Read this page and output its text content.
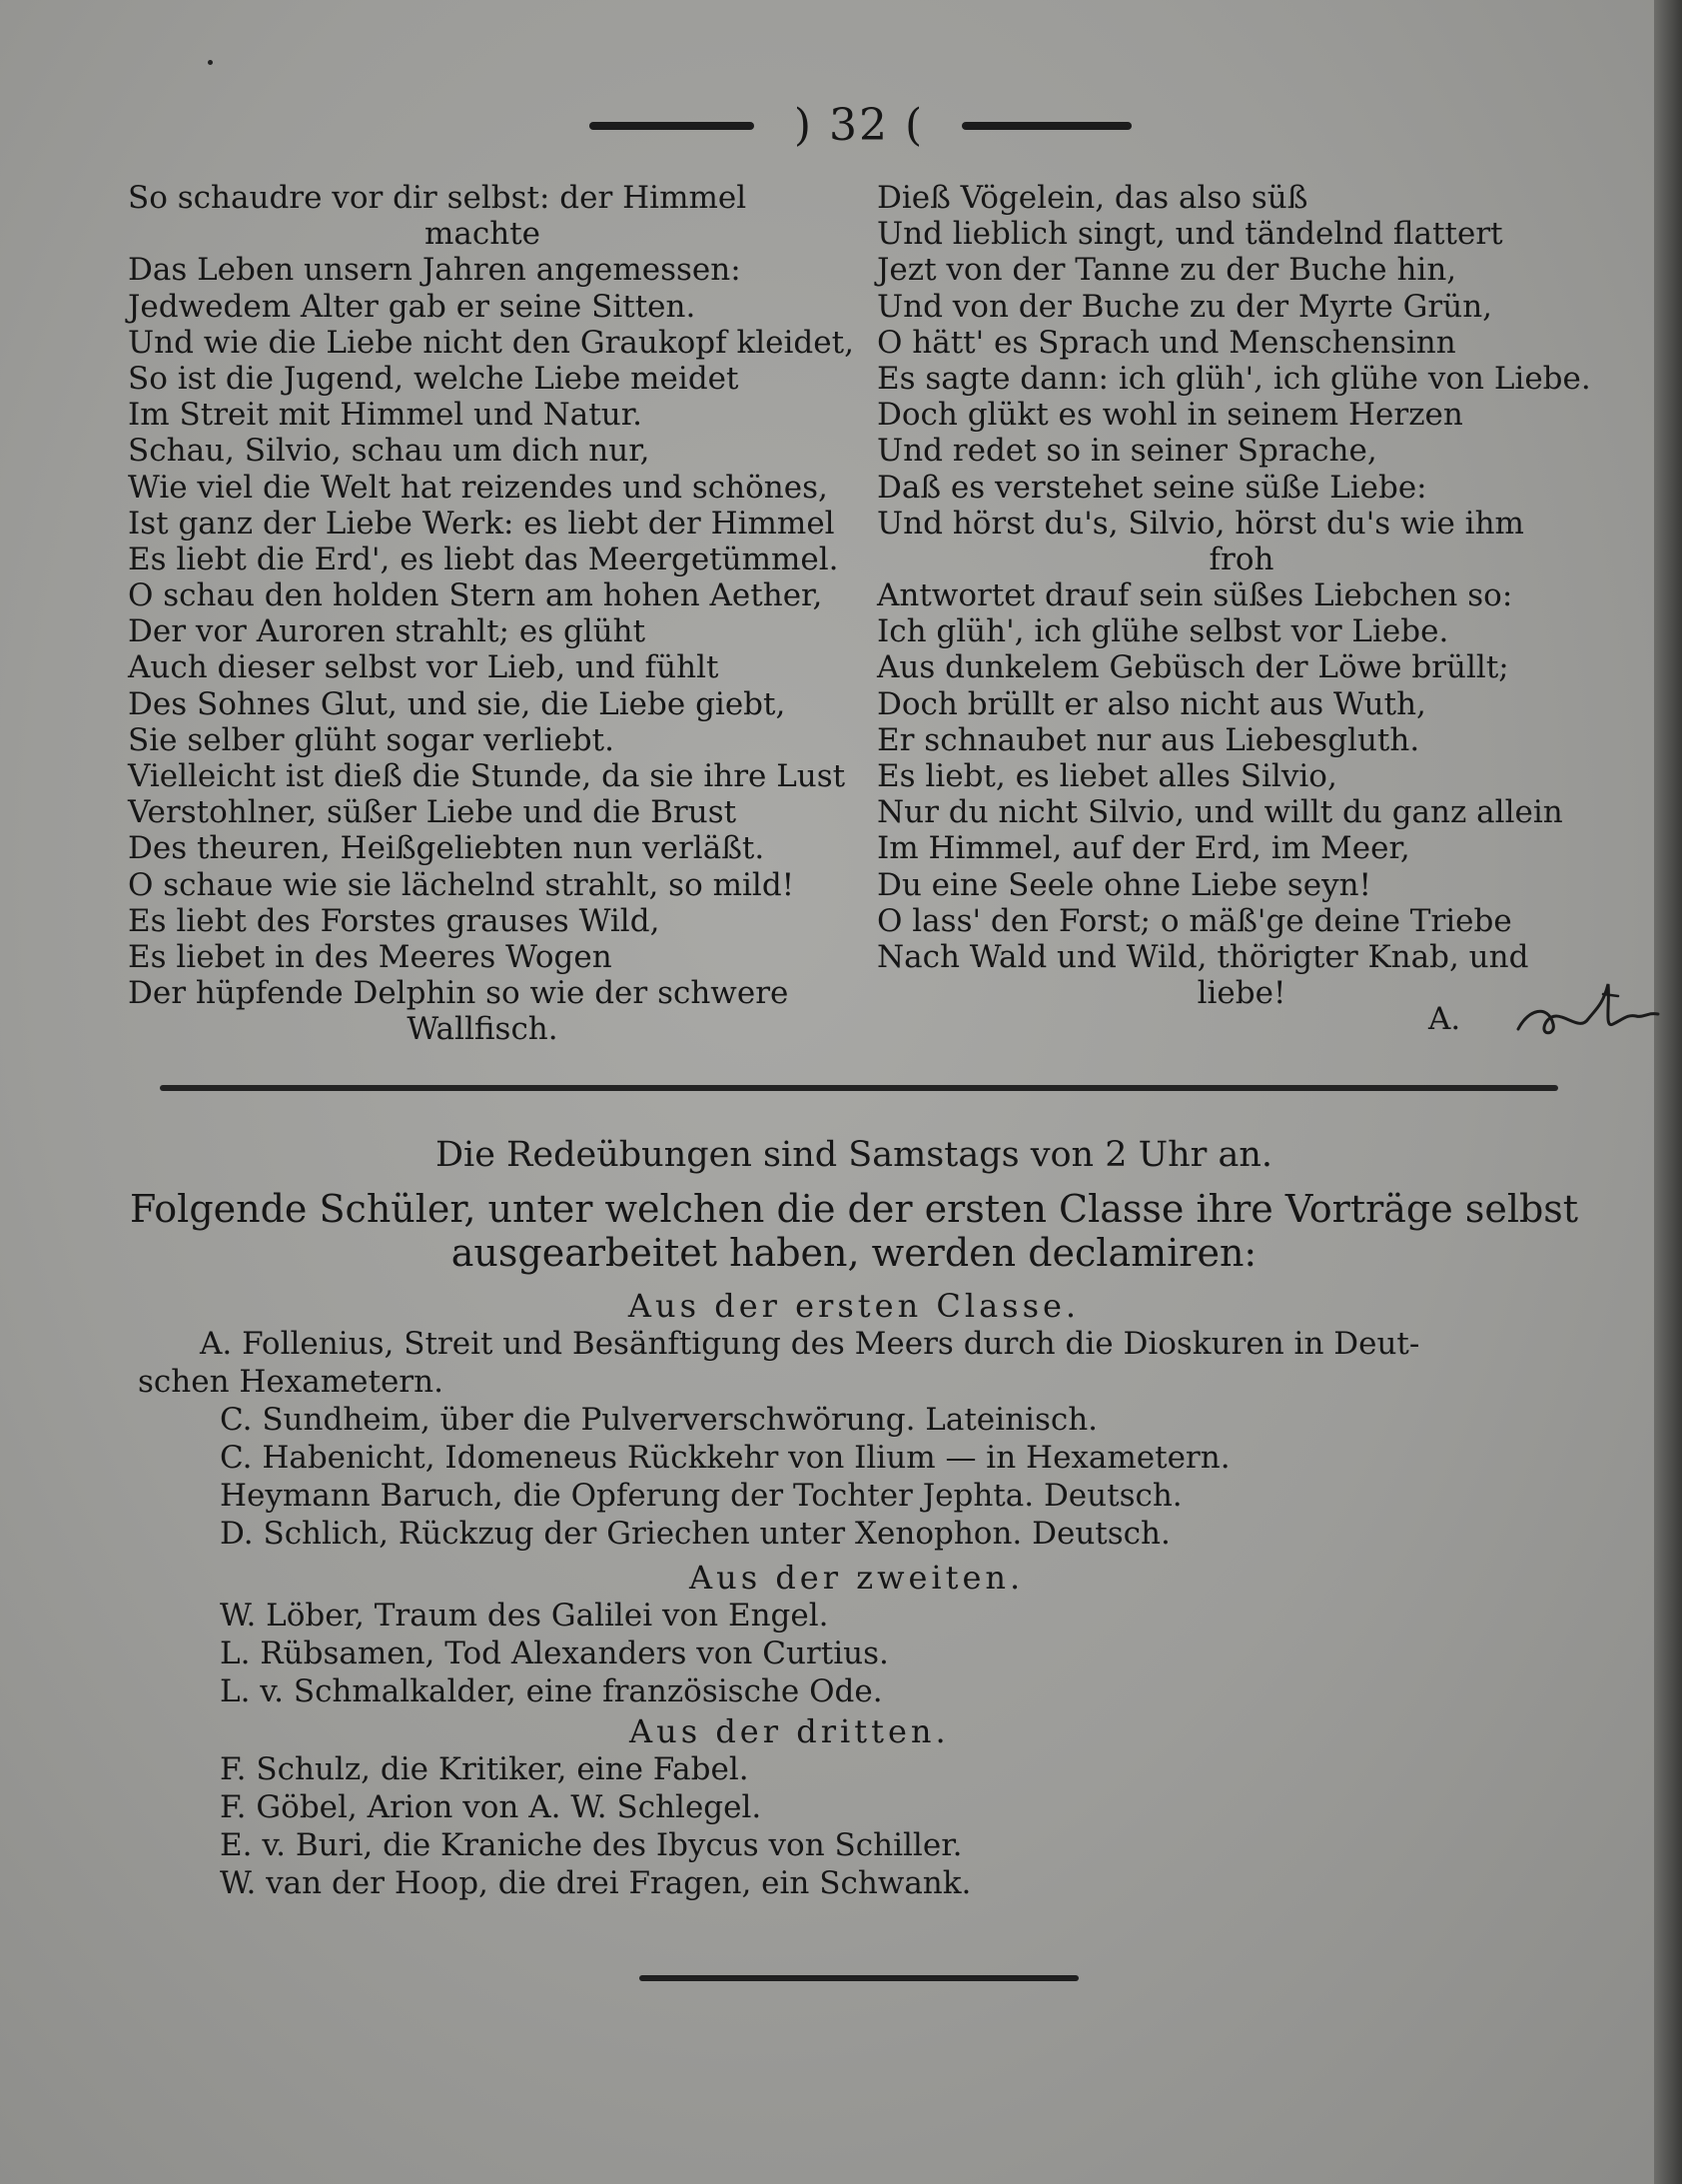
) 32 (
So schaudre vor dir selbst: der Himmel
machte
Das Leben unsern Jahren angemessen:
Jedwedem Alter gab er seine Sitten.
Und wie die Liebe nicht den Graukopf kleidet,
So ist die Jugend, welche Liebe meidet
Im Streit mit Himmel und Natur.
Schau, Silvio, schau um dich nur,
Wie viel die Welt hat reizendes und schönes,
Ist ganz der Liebe Werk: es liebt der Himmel
Es liebt die Erd', es liebt das Meergetümmel.
O schau den holden Stern am hohen Aether,
Der vor Auroren strahlt; es glüht
Auch dieser selbst vor Lieb, und fühlt
Des Sohnes Glut, und sie, die Liebe giebt,
Sie selber glüht sogar verliebt.
Vielleicht ist dieß die Stunde, da sie ihre Lust
Verstohlner, süßer Liebe und die Brust
Des theuren, Heißgeliebten nun verläßt.
O schaue wie sie lächelnd strahlt, so mild!
Es liebt des Forstes grauses Wild,
Es liebet in des Meeres Wogen
Der hüpfende Delphin so wie der schwere
Wallfisch.
Dieß Vögelein, das also süß
Und lieblich singt, und tändelnd flattert
Jezt von der Tanne zu der Buche hin,
Und von der Buche zu der Myrte Grün,
O hätt' es Sprach und Menschensinn
Es sagte dann: ich glüh', ich glühe von Liebe.
Doch glükt es wohl in seinem Herzen
Und redet so in seiner Sprache,
Daß es verstehet seine süße Liebe:
Und hörst du's, Silvio, hörst du's wie ihm
froh
Antwortet drauf sein süßes Liebchen so:
Ich glüh', ich glühe selbst vor Liebe.
Aus dunkelem Gebüsch der Löwe brüllt;
Doch brüllt er also nicht aus Wuth,
Er schnaubet nur aus Liebesgluth.
Es liebt, es liebet alles Silvio,
Nur du nicht Silvio, und willt du ganz allein
Im Himmel, auf der Erd, im Meer,
Du eine Seele ohne Liebe seyn!
O lass' den Forst; o mäß'ge deine Triebe
Nach Wald und Wild, thörigter Knab, und
liebe!
A.
Die Redeübungen sind Samstags von 2 Uhr an.
Folgende Schüler, unter welchen die der ersten Classe ihre Vorträge selbst
ausgearbeitet haben, werden declamiren:
Aus der ersten Classe.
A. Follenius, Streit und Besänftigung des Meers durch die Dioskuren in Deut-
schen Hexametern.
C. Sundheim, über die Pulververschwörung. Lateinisch.
C. Habenicht, Idomeneus Rückkehr von Ilium — in Hexametern.
Heymann Baruch, die Opferung der Tochter Jephta. Deutsch.
D. Schlich, Rückzug der Griechen unter Xenophon. Deutsch.
Aus der zweiten.
W. Löber, Traum des Galilei von Engel.
L. Rübsamen, Tod Alexanders von Curtius.
L. v. Schmalkalder, eine französische Ode.
Aus der dritten.
F. Schulz, die Kritiker, eine Fabel.
F. Göbel, Arion von A. W. Schlegel.
E. v. Buri, die Kraniche des Ibycus von Schiller.
W. van der Hoop, die drei Fragen, ein Schwank.
